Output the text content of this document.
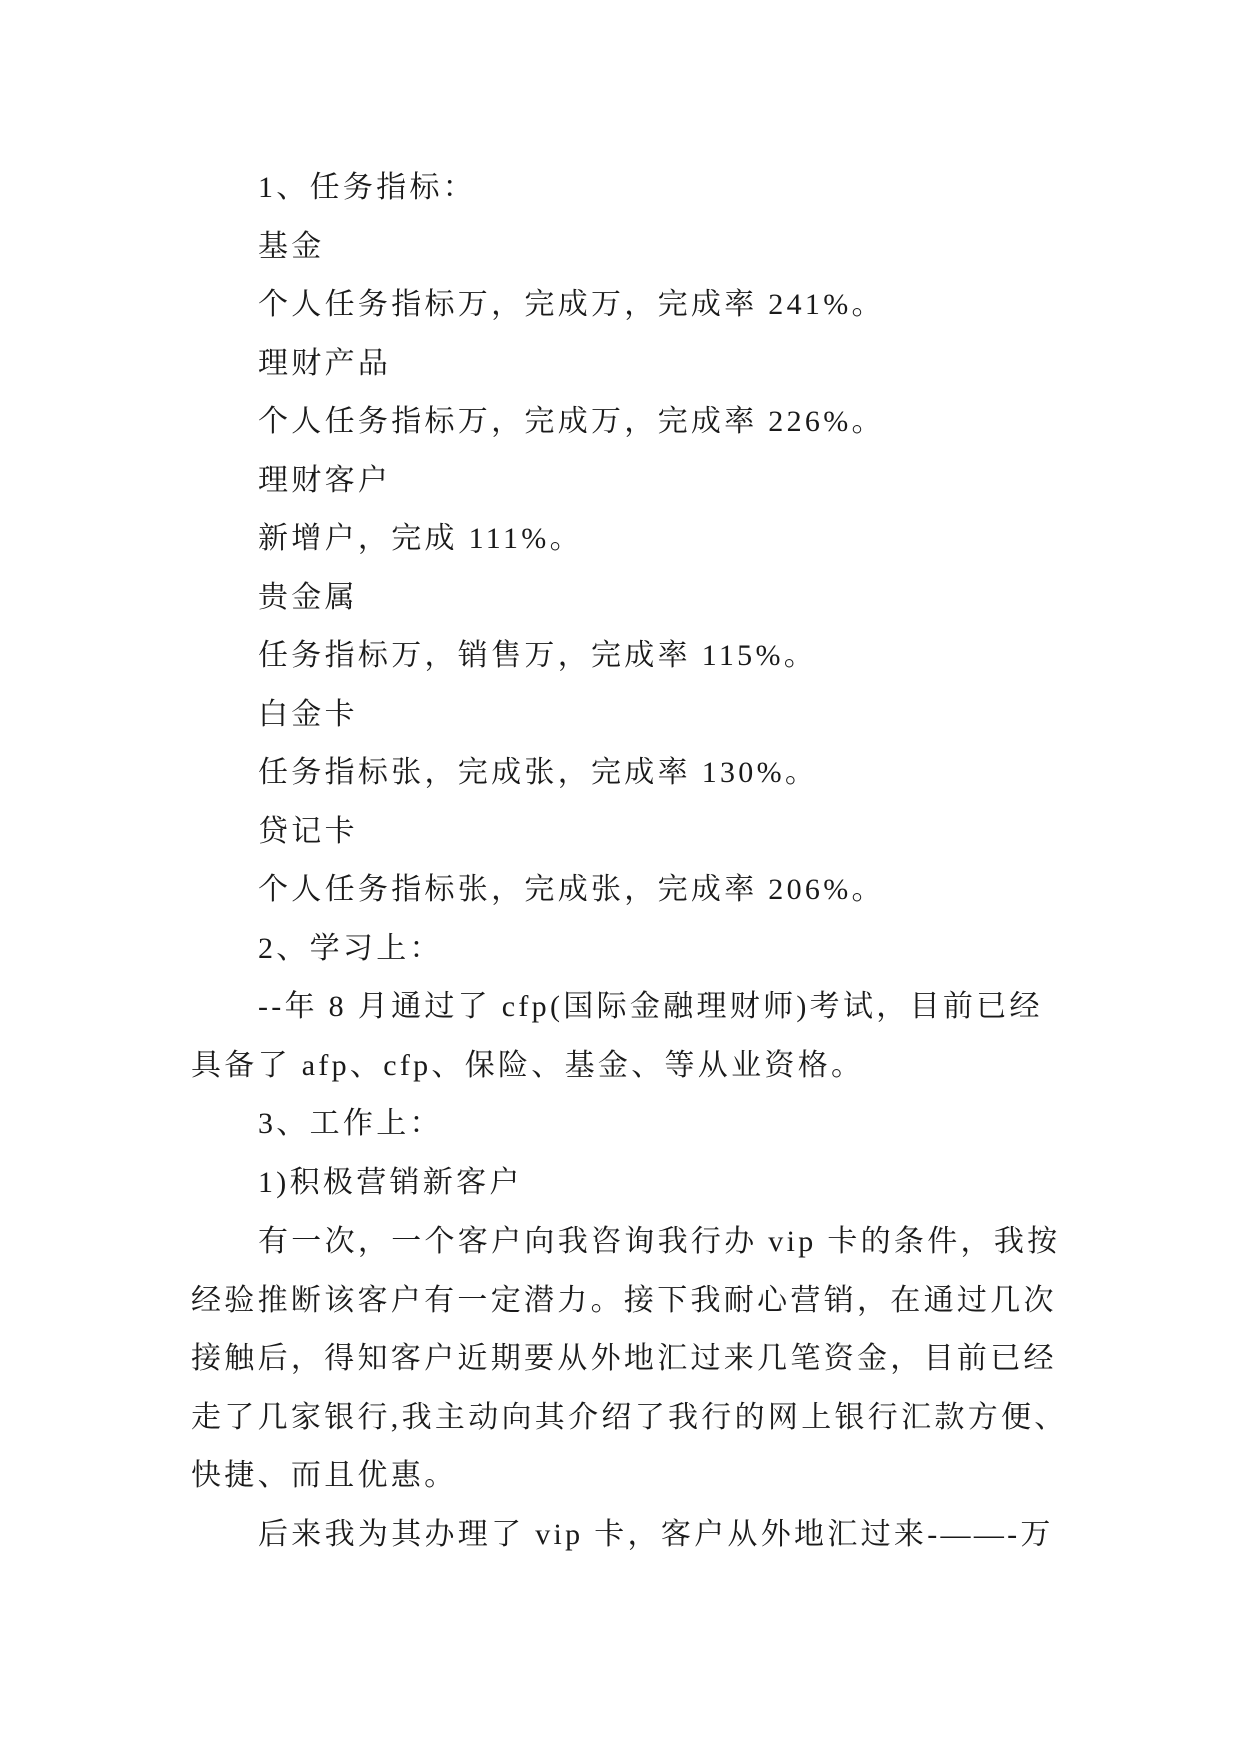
1、任务指标：
基金
个人任务指标万，完成万，完成率 241%。
理财产品
个人任务指标万，完成万，完成率 226%。
理财客户
新增户，完成 111%。
贵金属
任务指标万，销售万，完成率 115%。
白金卡
任务指标张，完成张，完成率 130%。
贷记卡
个人任务指标张，完成张，完成率 206%。
2、学习上：
--年 8 月通过了 cfp(国际金融理财师)考试，目前已经
具备了 afp、cfp、保险、基金、等从业资格。
3、工作上：
1)积极营销新客户
有一次，一个客户向我咨询我行办 vip 卡的条件，我按
经验推断该客户有一定潜力。接下我耐心营销，在通过几次
接触后，得知客户近期要从外地汇过来几笔资金，目前已经
走了几家银行,我主动向其介绍了我行的网上银行汇款方便、
快捷、而且优惠。
后来我为其办理了 vip 卡，客户从外地汇过来-——-万
